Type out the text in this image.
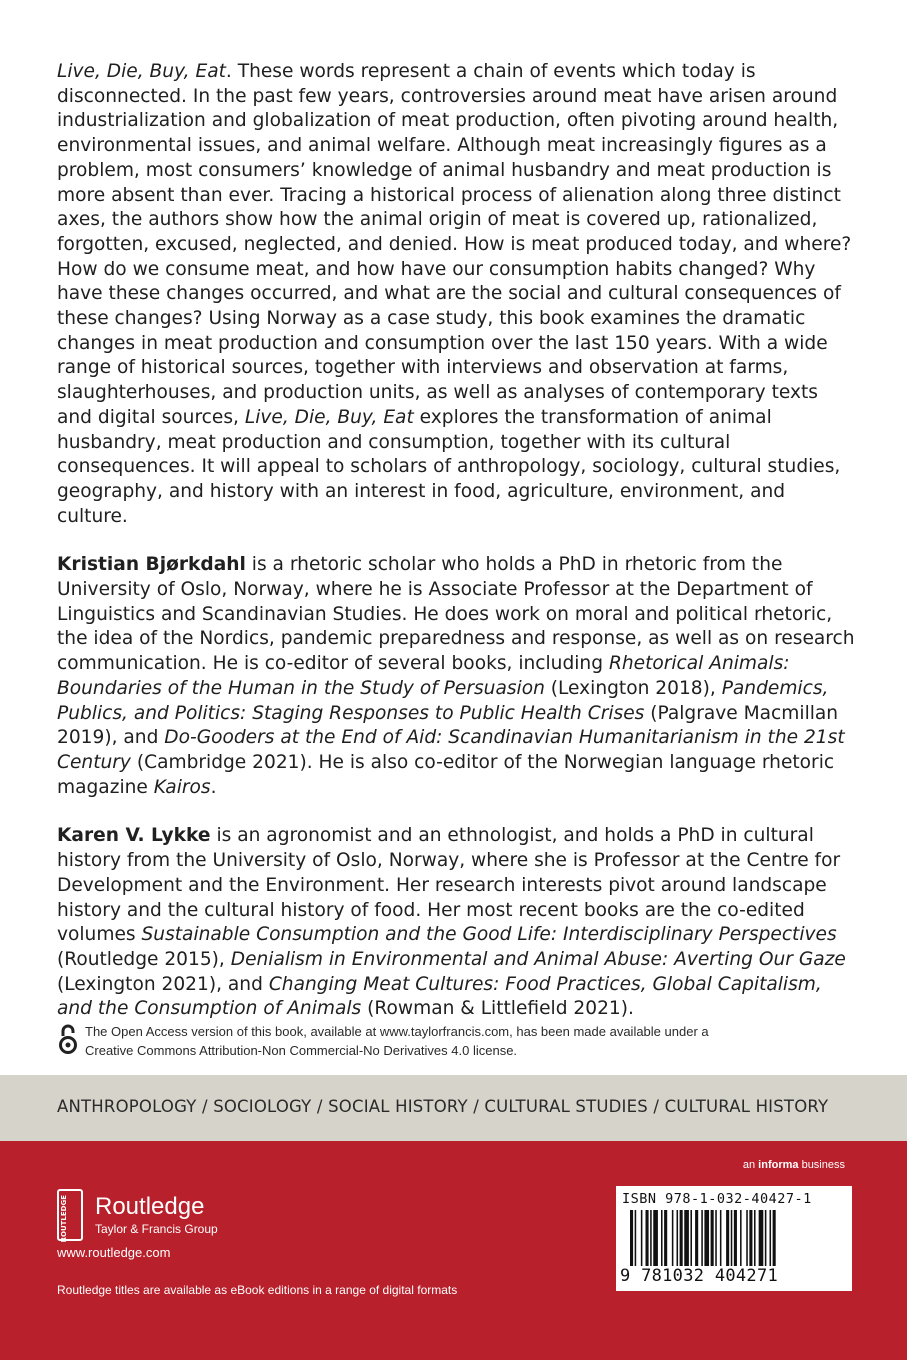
Live, Die, Buy, Eat. These words represent a chain of events which today is disconnected. In the past few years, controversies around meat have arisen around industrialization and globalization of meat production, often pivoting around health, environmental issues, and animal welfare. Although meat increasingly figures as a problem, most consumers’ knowledge of animal husbandry and meat production is more absent than ever. Tracing a historical process of alienation along three distinct axes, the authors show how the animal origin of meat is covered up, rationalized, forgotten, excused, neglected, and denied. How is meat produced today, and where? How do we consume meat, and how have our consumption habits changed? Why have these changes occurred, and what are the social and cultural consequences of these changes? Using Norway as a case study, this book examines the dramatic changes in meat production and consumption over the last 150 years. With a wide range of historical sources, together with interviews and observation at farms, slaughterhouses, and production units, as well as analyses of contemporary texts and digital sources, Live, Die, Buy, Eat explores the transformation of animal husbandry, meat production and consumption, together with its cultural consequences. It will appeal to scholars of anthropology, sociology, cultural studies, geography, and history with an interest in food, agriculture, environment, and culture.

Kristian Bjørkdahl is a rhetoric scholar who holds a PhD in rhetoric from the University of Oslo, Norway, where he is Associate Professor at the Department of Linguistics and Scandinavian Studies. He does work on moral and political rhetoric, the idea of the Nordics, pandemic preparedness and response, as well as on research communication. He is co-editor of several books, including Rhetorical Animals: Boundaries of the Human in the Study of Persuasion (Lexington 2018), Pandemics, Publics, and Politics: Staging Responses to Public Health Crises (Palgrave Macmillan 2019), and Do-Gooders at the End of Aid: Scandinavian Humanitarianism in the 21st Century (Cambridge 2021). He is also co-editor of the Norwegian language rhetoric magazine Kairos.

Karen V. Lykke is an agronomist and an ethnologist, and holds a PhD in cultural history from the University of Oslo, Norway, where she is Professor at the Centre for Development and the Environment. Her research interests pivot around landscape history and the cultural history of food. Her most recent books are the co-edited volumes Sustainable Consumption and the Good Life: Interdisciplinary Perspectives (Routledge 2015), Denialism in Environmental and Animal Abuse: Averting Our Gaze (Lexington 2021), and Changing Meat Cultures: Food Practices, Global Capitalism, and the Consumption of Animals (Rowman & Littlefield 2021).

The Open Access version of this book, available at www.taylorfrancis.com, has been made available under a
Creative Commons Attribution-Non Commercial-No Derivatives 4.0 license.
ANTHROPOLOGY / SOCIOLOGY / SOCIAL HISTORY / CULTURAL STUDIES / CULTURAL HISTORY
ROUTLEDGE	Routledge
Taylor & Francis Group
www.routledge.com
Routledge titles are available as eBook editions in a range of digital formats
an informa business
ISBN 978-1-032-40427-1
9 781032 404271
